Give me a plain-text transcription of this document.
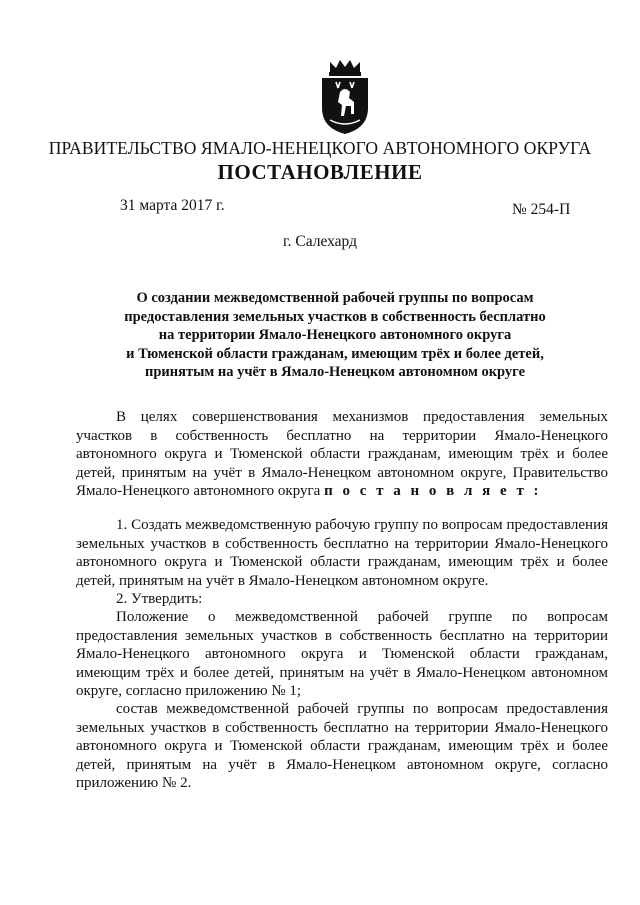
ПРАВИТЕЛЬСТВО ЯМАЛО-НЕНЕЦКОГО АВТОНОМНОГО ОКРУГА
ПОСТАНОВЛЕНИЕ
31 марта 2017 г.	№ 254-П
г. Салехард
О создании межведомственной рабочей группы по вопросам
предоставления земельных участков в собственность бесплатно
на территории Ямало-Ненецкого автономного округа
и Тюменской области гражданам, имеющим трёх и более детей,
принятым на учёт в Ямало-Ненецком автономном округе
В целях совершенствования механизмов предоставления земельных
участков в собственность бесплатно на территории Ямало-Ненецкого
автономного округа и Тюменской области гражданам, имеющим трёх и более
детей, принятым на учёт в Ямало-Ненецком автономном округе, Правительство
Ямало-Ненецкого автономного округа п о с т а н о в л я е т :
1. Создать межведомственную рабочую группу по вопросам предоставления
земельных участков в собственность бесплатно на территории Ямало-Ненецкого
автономного округа и Тюменской области гражданам, имеющим трёх и более
детей, принятым на учёт в Ямало-Ненецком автономном округе.
2. Утвердить:
Положение о межведомственной рабочей группе по вопросам
предоставления земельных участков в собственность бесплатно на территории
Ямало-Ненецкого автономного округа и Тюменской области гражданам,
имеющим трёх и более детей, принятым на учёт в Ямало-Ненецком автономном
округе, согласно приложению № 1;
состав межведомственной рабочей группы по вопросам предоставления
земельных участков в собственность бесплатно на территории Ямало-Ненецкого
автономного округа и Тюменской области гражданам, имеющим трёх и более
детей, принятым на учёт в Ямало-Ненецком автономном округе, согласно
приложению № 2.
